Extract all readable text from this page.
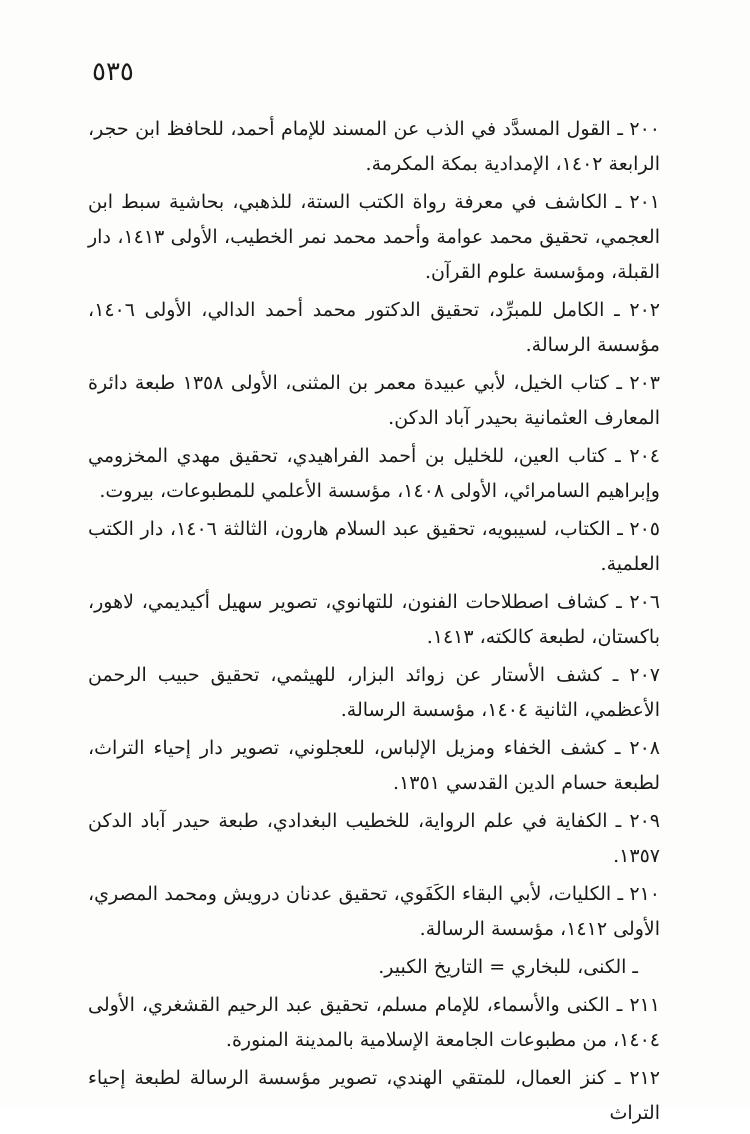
٥٣٥

٢٠٠ ـ القول المسدَّد في الذب عن المسند للإمام أحمد، للحافظ ابن حجر، الرابعة ١٤٠٢، الإمدادية بمكة المكرمة.

٢٠١ ـ الكاشف في معرفة رواة الكتب الستة، للذهبي، بحاشية سبط ابن العجمي، تحقيق محمد عوامة وأحمد محمد نمر الخطيب، الأولى ١٤١٣، دار القبلة، ومؤسسة علوم القرآن.

٢٠٢ ـ الكامل للمبرِّد، تحقيق الدكتور محمد أحمد الدالي، الأولى ١٤٠٦، مؤسسة الرسالة.

٢٠٣ ـ كتاب الخيل، لأبي عبيدة معمر بن المثنى، الأولى ١٣٥٨ طبعة دائرة المعارف العثمانية بحيدر آباد الدكن.

٢٠٤ ـ كتاب العين، للخليل بن أحمد الفراهيدي، تحقيق مهدي المخزومي وإبراهيم السامرائي، الأولى ١٤٠٨، مؤسسة الأعلمي للمطبوعات، بيروت.

٢٠٥ ـ الكتاب، لسيبويه، تحقيق عبد السلام هارون، الثالثة ١٤٠٦، دار الكتب العلمية.

٢٠٦ ـ كشاف اصطلاحات الفنون، للتهانوي، تصوير سهيل أكيديمي، لاهور، باكستان، لطبعة كالكته، ١٤١٣.

٢٠٧ ـ كشف الأستار عن زوائد البزار، للهيثمي، تحقيق حبيب الرحمن الأعظمي، الثانية ١٤٠٤، مؤسسة الرسالة.

٢٠٨ ـ كشف الخفاء ومزيل الإلباس، للعجلوني، تصوير دار إحياء التراث، لطبعة حسام الدين القدسي ١٣٥١.

٢٠٩ ـ الكفاية في علم الرواية، للخطيب البغدادي، طبعة حيدر آباد الدكن ١٣٥٧.

٢١٠ ـ الكليات، لأبي البقاء الكَفَوي، تحقيق عدنان درويش ومحمد المصري، الأولى ١٤١٢، مؤسسة الرسالة.

ـ الكنى، للبخاري = التاريخ الكبير.

٢١١ ـ الكنى والأسماء، للإمام مسلم، تحقيق عبد الرحيم القشغري، الأولى ١٤٠٤، من مطبوعات الجامعة الإسلامية بالمدينة المنورة.

٢١٢ ـ كنز العمال، للمتقي الهندي، تصوير مؤسسة الرسالة لطبعة إحياء التراث
